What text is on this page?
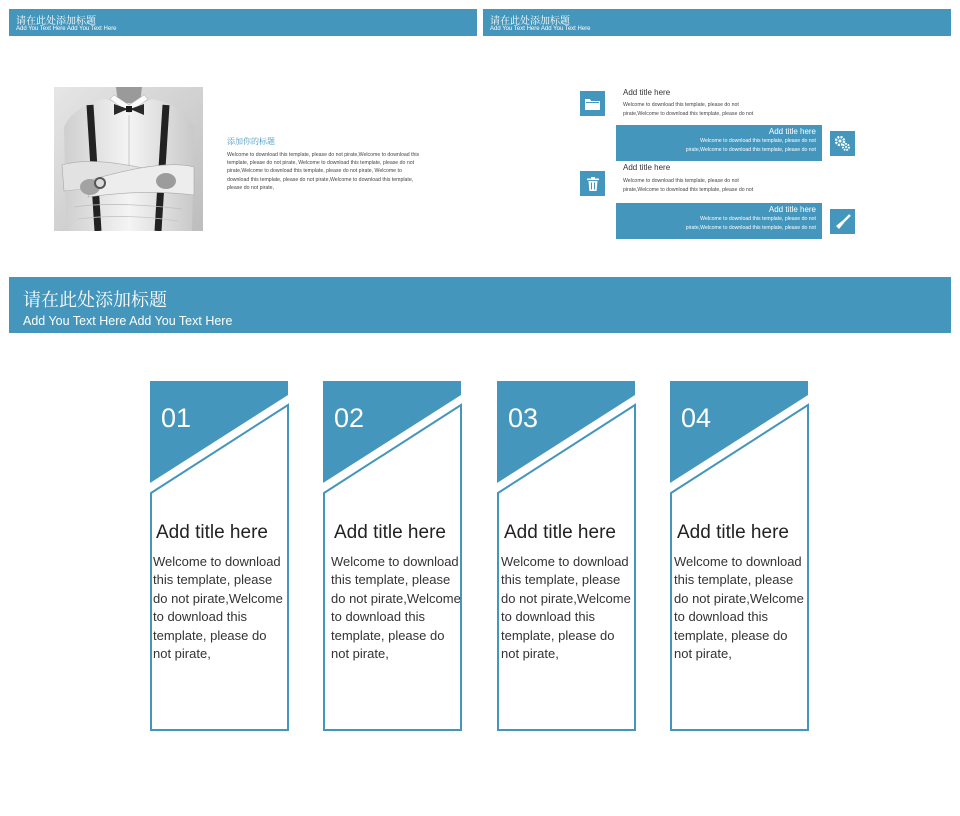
请在此处添加标题
Add You Text Here Add You Text Here
请在此处添加标题
Add You Text Here Add You Text Here
添加你的标题
Welcome to download this template, please do not pirate,Welcome to download this template, please do not pirate, Welcome to download this template, please do not pirate,Welcome to download this template, please do not pirate, Welcome to download this template, please do not pirate,Welcome to download this template, please do not pirate,
Add title here
Welcome to download this template, please do not
pirate,Welcome to download this template, please do not
Add title here
Welcome to download this template, please do not
pirate,Welcome to download this template, please do not
Add title here
Welcome to download this template, please do not
pirate,Welcome to download this template, please do not
Add title here
Welcome to download this template, please do not
pirate,Welcome to download this template, please do not
请在此处添加标题
Add You Text Here Add You Text Here
01
Add title here
Welcome to download this template, please do not pirate,Welcome to download this template, please do not pirate,
02
Add title here
Welcome to download this template, please do not pirate,Welcome to download this template, please do not pirate,
03
Add title here
Welcome to download this template, please do not pirate,Welcome to download this template, please do not pirate,
04
Add title here
Welcome to download this template, please do not pirate,Welcome to download this template, please do not pirate,
